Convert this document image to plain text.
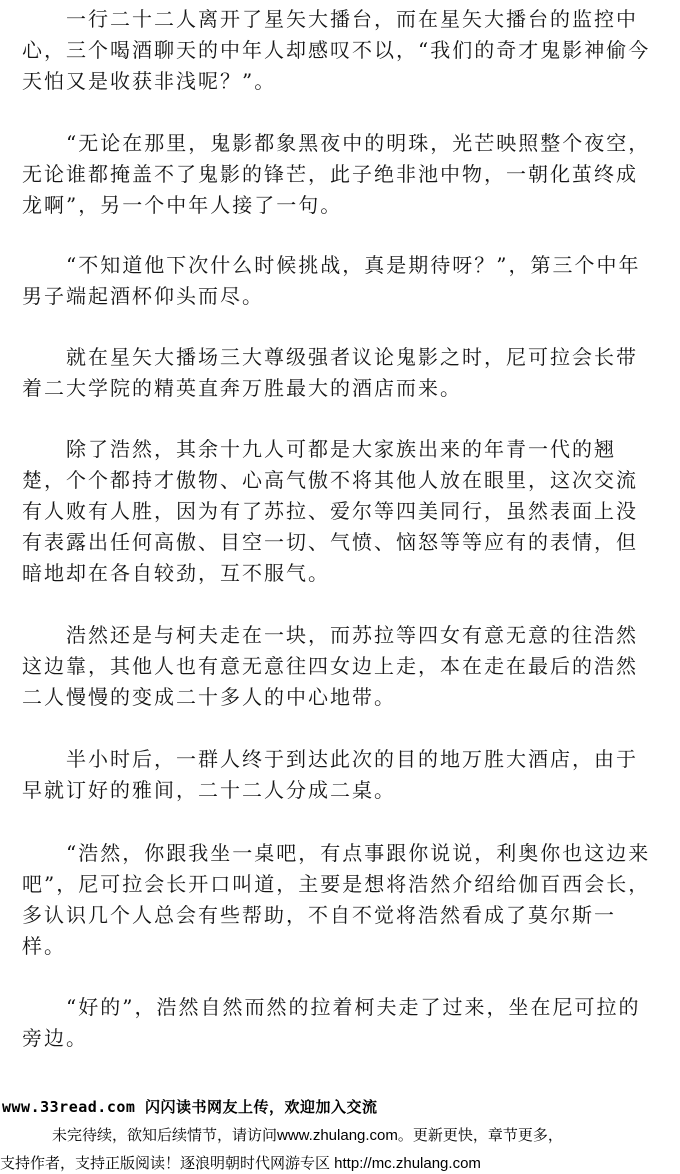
　　一行二十二人离开了星矢大播台，而在星矢大播台的监控中心，三个喝酒聊天的中年人却感叹不以，“我们的奇才鬼影神偷今天怕又是收获非浅呢？”。

　　“无论在那里，鬼影都象黑夜中的明珠，光芒映照整个夜空，无论谁都掩盖不了鬼影的锋芒，此子绝非池中物，一朝化茧终成龙啊”，另一个中年人接了一句。

　　“不知道他下次什么时候挑战，真是期待呀？”，第三个中年男子端起酒杯仰头而尽。

　　就在星矢大播场三大尊级强者议论鬼影之时，尼可拉会长带着二大学院的精英直奔万胜最大的酒店而来。

　　除了浩然，其余十九人可都是大家族出来的年青一代的翘楚，个个都持才傲物、心高气傲不将其他人放在眼里，这次交流有人败有人胜，因为有了苏拉、爱尔等四美同行，虽然表面上没有表露出任何高傲、目空一切、气愤、恼怒等等应有的表情，但暗地却在各自较劲，互不服气。

　　浩然还是与柯夫走在一块，而苏拉等四女有意无意的往浩然这边靠，其他人也有意无意往四女边上走，本在走在最后的浩然二人慢慢的变成二十多人的中心地带。

　　半小时后，一群人终于到达此次的目的地万胜大酒店，由于早就订好的雅间，二十二人分成二桌。

　　“浩然，你跟我坐一桌吧，有点事跟你说说，利奥你也这边来吧”，尼可拉会长开口叫道，主要是想将浩然介绍给伽百西会长，多认识几个人总会有些帮助，不自不觉将浩然看成了莫尔斯一样。

　　“好的”，浩然自然而然的拉着柯夫走了过来，坐在尼可拉的旁边。

www.33read.com 闪闪读书网友上传，欢迎加入交流

未完待续，欲知后续情节，请访问www.zhulang.com。更新更快，章节更多，

支持作者，支持正版阅读！逐浪明朝时代网游专区 http://mc.zhulang.com
